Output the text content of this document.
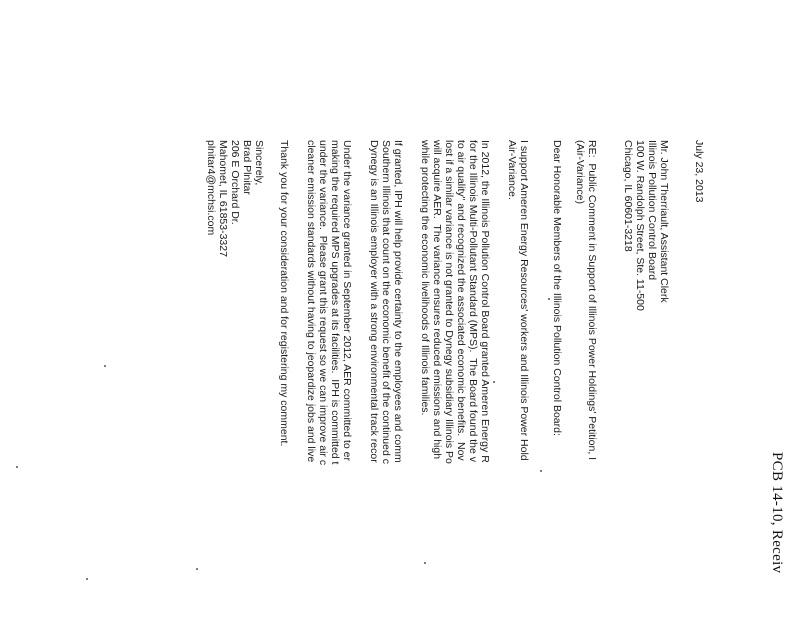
PCB 14-10, Receiv
July 23, 2013
Mr. John Therriault, Assistant Clerk
Illinois Pollution Control Board
100 W. Randolph Street, Ste. 11-500
Chicago, IL 60601-3218
RE:  Public Comment in Support of Illinois Power Holdings' Petition, I
(Air-Variance)
Dear Honorable Members of the Illinois Pollution Control Board:
I support Ameren Energy Resources' workers and Illinois Power Hold
Air-Variance.
In 2012, the Illinois Pollution Control Board granted Ameren Energy R
for the Illinois Multi-Pollutant Standard (MPS).  The Board found the v
to air quality" and recognized the associated economic benefits.  Nov
lost if a similar variance is not granted to Dynegy subsidiary Illinois Po
will acquire AER.  The variance ensures reduced emissions and high
while protecting the economic livelihoods of Illinois families.
If granted, IPH will help provide certainty to the employees and comm
Southern Illinois that count on the economic benefit of the continued c
Dynegy is an Illinois employer with a strong environmental track recor
Under the variance granted in September 2012, AER committed to er
making the required MPS upgrades at its facilities.  IPH is committed t
under the variance.  Please grant this request so we can improve air c
cleaner emission standards without having to jeopardize jobs and live
Thank you for your consideration and for registering my comment.
Sincerely,
Brad Plnitar
206 E Orchard Dr.
Mahomet, IL 61853-3327
plnitar4@mchsi.com
